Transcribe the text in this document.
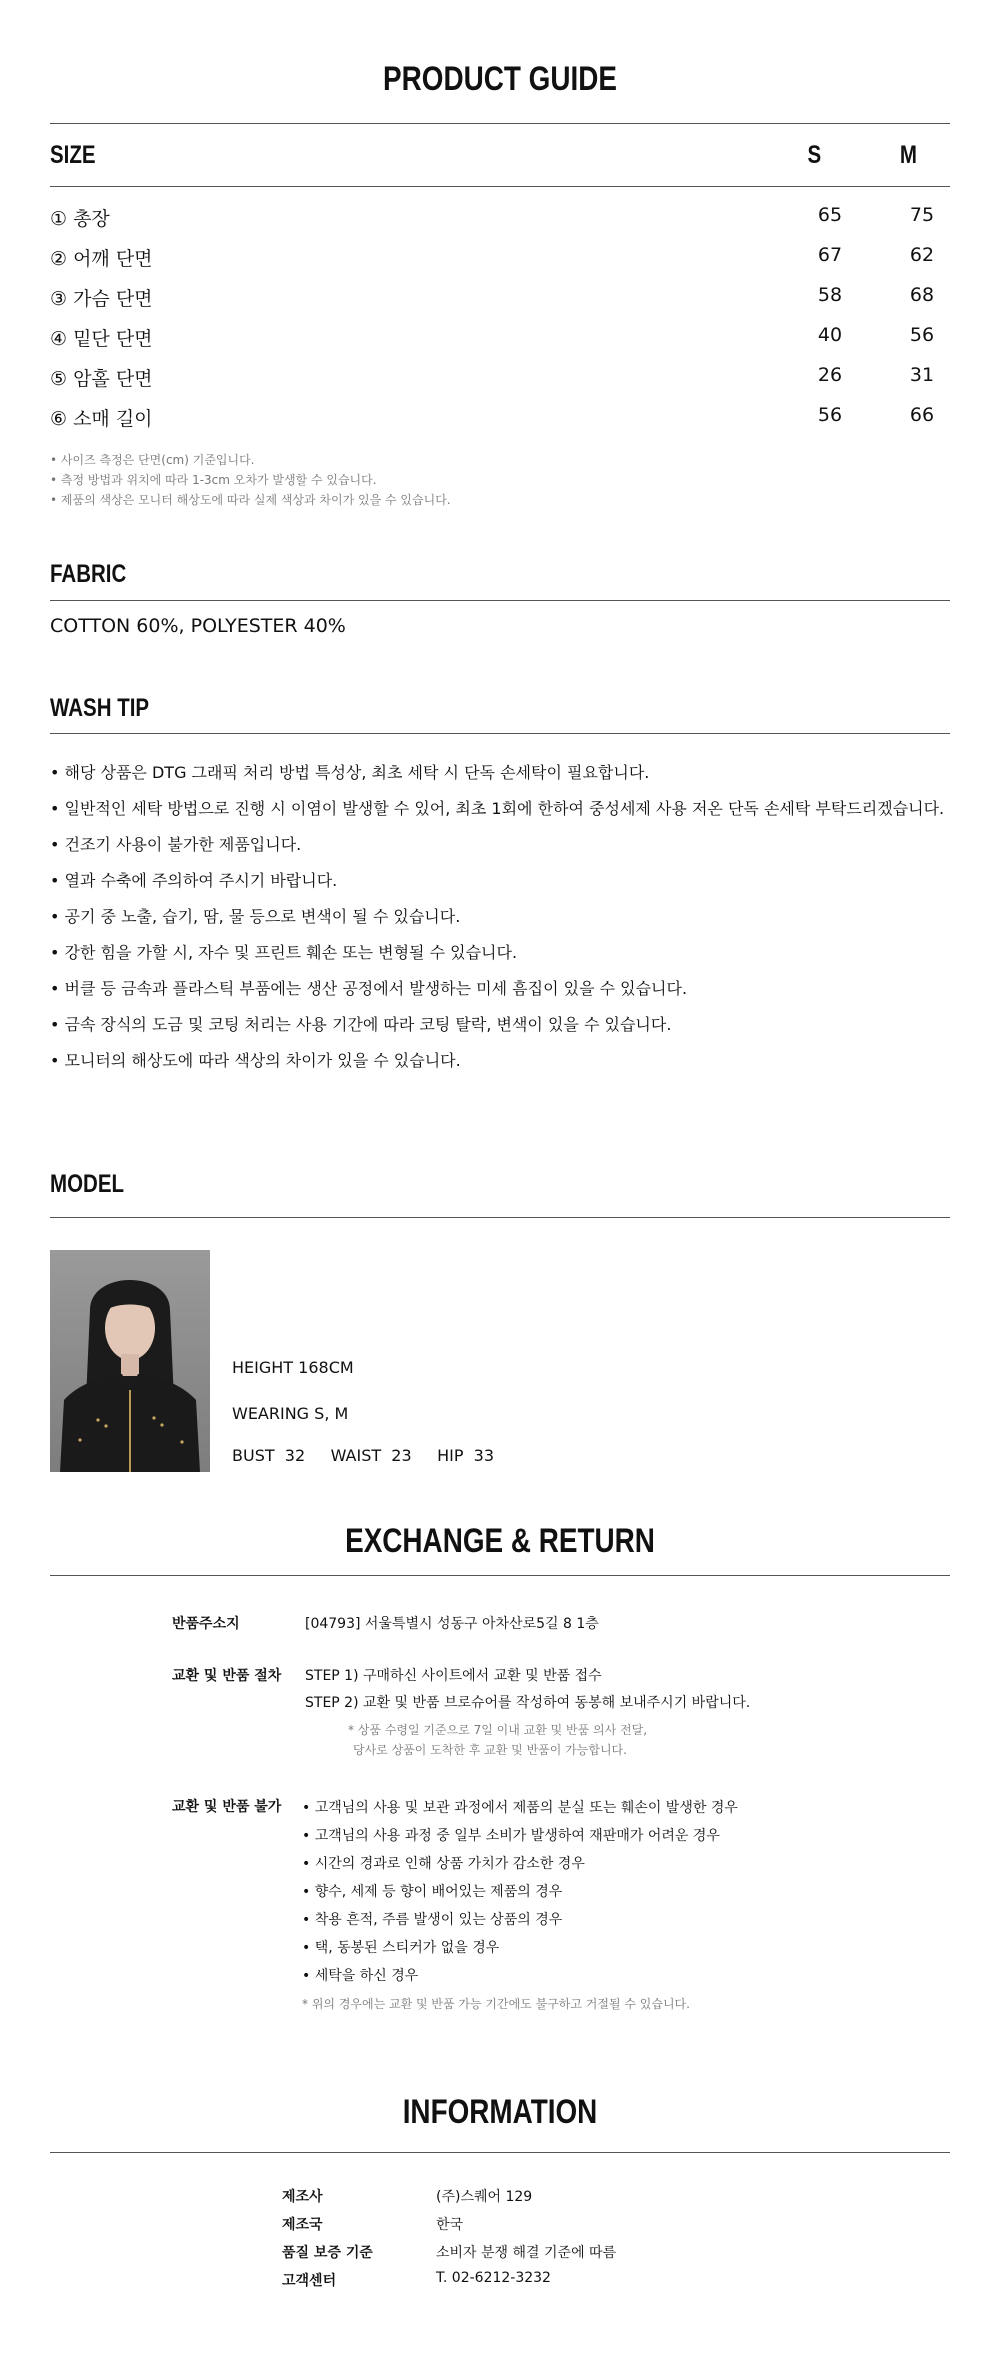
PRODUCT GUIDE
SIZE	S	M
① 총장	65	75
② 어깨 단면	67	62
③ 가슴 단면	58	68
④ 밑단 단면	40	56
⑤ 암홀 단면	26	31
⑥ 소매 길이	56	66
• 사이즈 측정은 단면(cm) 기준입니다.
• 측정 방법과 위치에 따라 1-3cm 오차가 발생할 수 있습니다.
• 제품의 색상은 모니터 해상도에 따라 실제 색상과 차이가 있을 수 있습니다.
FABRIC
COTTON 60%, POLYESTER 40%
WASH TIP
• 해당 상품은 DTG 그래픽 처리 방법 특성상, 최초 세탁 시 단독 손세탁이 필요합니다.
• 일반적인 세탁 방법으로 진행 시 이염이 발생할 수 있어, 최초 1회에 한하여 중성세제 사용 저온 단독 손세탁 부탁드리겠습니다.
• 건조기 사용이 불가한 제품입니다.
• 열과 수축에 주의하여 주시기 바랍니다.
• 공기 중 노출, 습기, 땀, 물 등으로 변색이 될 수 있습니다.
• 강한 힘을 가할 시, 자수 및 프린트 훼손 또는 변형될 수 있습니다.
• 버클 등 금속과 플라스틱 부품에는 생산 공정에서 발생하는 미세 흠집이 있을 수 있습니다.
• 금속 장식의 도금 및 코팅 처리는 사용 기간에 따라 코팅 탈락, 변색이 있을 수 있습니다.
• 모니터의 해상도에 따라 색상의 차이가 있을 수 있습니다.
MODEL
HEIGHT 168CM
WEARING S, M
BUST  32     WAIST  23     HIP  33
EXCHANGE & RETURN
반품주소지	[04793] 서울특별시 성동구 아차산로5길 8 1층
교환 및 반품 절차 STEP 1) 구매하신 사이트에서 교환 및 반품 접수
STEP 2) 교환 및 반품 브로슈어를 작성하여 동봉해 보내주시기 바랍니다.
* 상품 수령일 기준으로 7일 이내 교환 및 반품 의사 전달,
당사로 상품이 도착한 후 교환 및 반품이 가능합니다.
교환 및 반품 불가 • 고객님의 사용 및 보관 과정에서 제품의 분실 또는 훼손이 발생한 경우
• 고객님의 사용 과정 중 일부 소비가 발생하여 재판매가 어려운 경우
• 시간의 경과로 인해 상품 가치가 감소한 경우
• 향수, 세제 등 향이 배어있는 제품의 경우
• 착용 흔적, 주름 발생이 있는 상품의 경우
• 택, 동봉된 스티커가 없을 경우
• 세탁을 하신 경우
* 위의 경우에는 교환 및 반품 가능 기간에도 불구하고 거절될 수 있습니다.
INFORMATION
제조사	(주)스퀘어 129
제조국	한국
품질 보증 기준	소비자 분쟁 해결 기준에 따름
고객센터	T. 02-6212-3232
